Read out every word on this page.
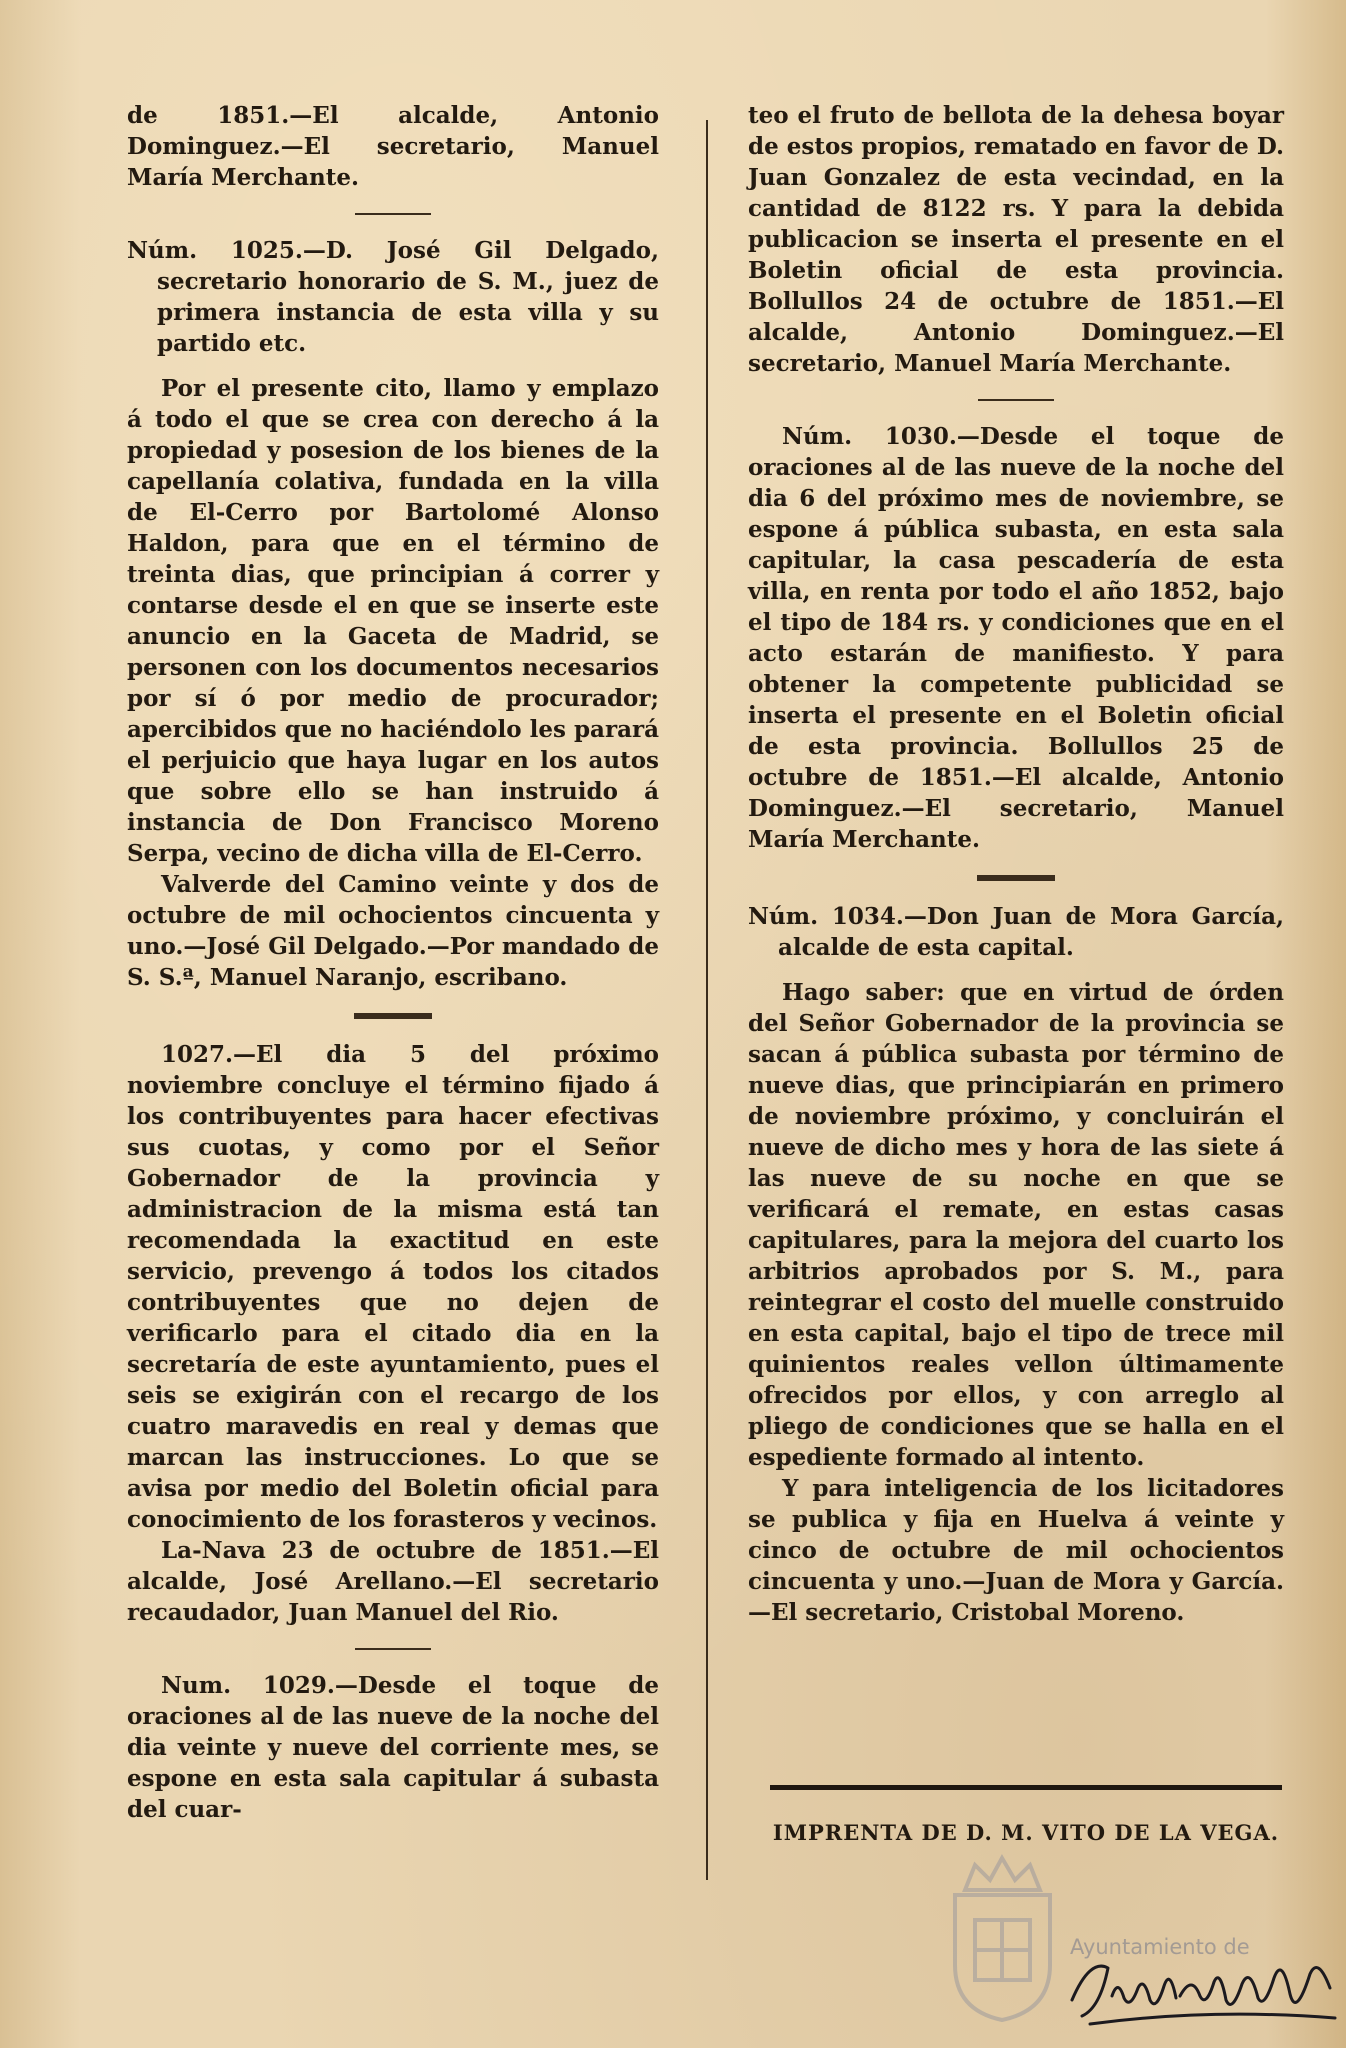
de 1851.—El alcalde, Antonio Dominguez.—El secretario, Manuel María Merchante.

Núm. 1025.—D. José Gil Delgado, secretario honorario de S. M., juez de primera instancia de esta villa y su partido etc.

Por el presente cito, llamo y emplazo á todo el que se crea con derecho á la propiedad y posesion de los bienes de la capellanía colativa, fundada en la villa de El-Cerro por Bartolomé Alonso Haldon, para que en el término de treinta dias, que principian á correr y contarse desde el en que se inserte este anuncio en la Gaceta de Madrid, se personen con los documentos necesarios por sí ó por medio de procurador; apercibidos que no haciéndolo les parará el perjuicio que haya lugar en los autos que sobre ello se han instruido á instancia de Don Francisco Moreno Serpa, vecino de dicha villa de El-Cerro.

Valverde del Camino veinte y dos de octubre de mil ochocientos cincuenta y uno.—José Gil Delgado.—Por mandado de S. S.ª, Manuel Naranjo, escribano.

1027.—El dia 5 del próximo noviembre concluye el término fijado á los contribuyentes para hacer efectivas sus cuotas, y como por el Señor Gobernador de la provincia y administracion de la misma está tan recomendada la exactitud en este servicio, prevengo á todos los citados contribuyentes que no dejen de verificarlo para el citado dia en la secretaría de este ayuntamiento, pues el seis se exigirán con el recargo de los cuatro maravedis en real y demas que marcan las instrucciones. Lo que se avisa por medio del Boletin oficial para conocimiento de los forasteros y vecinos.

La-Nava 23 de octubre de 1851.—El alcalde, José Arellano.—El secretario recaudador, Juan Manuel del Rio.

Num. 1029.—Desde el toque de oraciones al de las nueve de la noche del dia veinte y nueve del corriente mes, se espone en esta sala capitular á subasta del cuar-

teo el fruto de bellota de la dehesa boyar de estos propios, rematado en favor de D. Juan Gonzalez de esta vecindad, en la cantidad de 8122 rs. Y para la debida publicacion se inserta el presente en el Boletin oficial de esta provincia. Bollullos 24 de octubre de 1851.—El alcalde, Antonio Dominguez.—El secretario, Manuel María Merchante.

Núm. 1030.—Desde el toque de oraciones al de las nueve de la noche del dia 6 del próximo mes de noviembre, se espone á pública subasta, en esta sala capitular, la casa pescadería de esta villa, en renta por todo el año 1852, bajo el tipo de 184 rs. y condiciones que en el acto estarán de manifiesto. Y para obtener la competente publicidad se inserta el presente en el Boletin oficial de esta provincia. Bollullos 25 de octubre de 1851.—El alcalde, Antonio Dominguez.—El secretario, Manuel María Merchante.

Núm. 1034.—Don Juan de Mora García, alcalde de esta capital.

Hago saber: que en virtud de órden del Señor Gobernador de la provincia se sacan á pública subasta por término de nueve dias, que principiarán en primero de noviembre próximo, y concluirán el nueve de dicho mes y hora de las siete á las nueve de su noche en que se verificará el remate, en estas casas capitulares, para la mejora del cuarto los arbitrios aprobados por S. M., para reintegrar el costo del muelle construido en esta capital, bajo el tipo de trece mil quinientos reales vellon últimamente ofrecidos por ellos, y con arreglo al pliego de condiciones que se halla en el espediente formado al intento.

Y para inteligencia de los licitadores se publica y fija en Huelva á veinte y cinco de octubre de mil ochocientos cincuenta y uno.—Juan de Mora y García.—El secretario, Cristobal Moreno.

IMPRENTA DE D. M. VITO DE LA VEGA.
Ayuntamiento de
